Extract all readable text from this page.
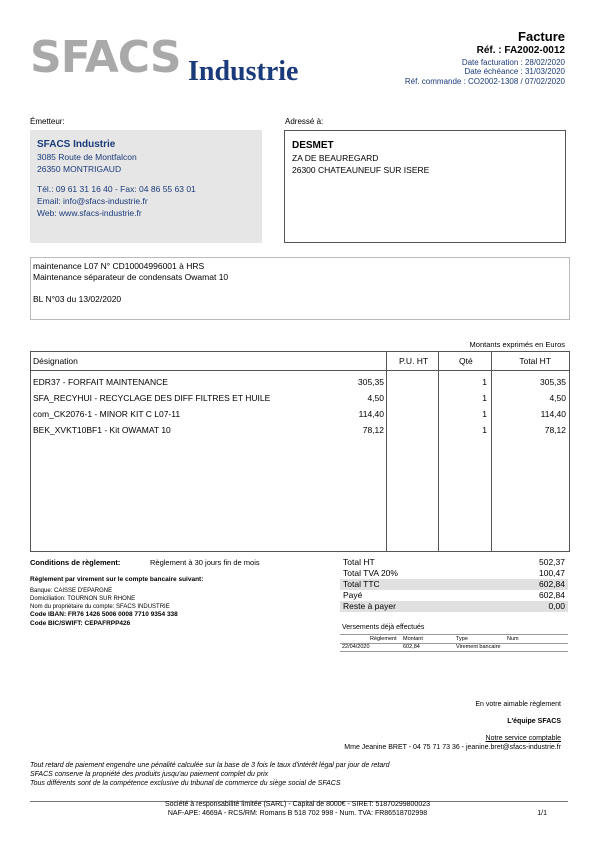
SFACS Industrie
Facture
Réf. : FA2002-0012
Date facturation : 28/02/2020
Date échéance : 31/03/2020
Réf. commande : CO2002-1308 / 07/02/2020
Émetteur:
SFACS Industrie
3085 Route de Montfalcon
26350 MONTRIGAUD
Tél.: 09 61 31 16 40 - Fax: 04 86 55 63 01
Email: info@sfacs-industrie.fr
Web: www.sfacs-industrie.fr
Adressé à:
DESMET
ZA DE BEAUREGARD
26300 CHATEAUNEUF SUR ISERE
maintenance L07 N° CD10004996001 à HRS
Maintenance séparateur de condensats Owamat 10
BL N°03 du 13/02/2020
Montants exprimés en Euros
Désignation	P.U. HT	Qté	Total HT
EDR37 - FORFAIT MAINTENANCE	305,35	1	305,35
SFA_RECYHUI - RECYCLAGE DES DIFF FILTRES ET HUILE	4,50	1	4,50
com_CK2076-1 - MINOR KIT C L07-11	114,40	1	114,40
BEK_XVKT10BF1 - Kit OWAMAT 10	78,12	1	78,12
Conditions de règlement:	Règlement à 30 jours fin de mois
Règlement par virement sur le compte bancaire suivant:
Banque: CAISSE D'EPARGNE
Domiciliation: TOURNON SUR RHONE
Nom du propriétaire du compte: SFACS INDUSTRIE
Code IBAN: FR76 1426 5006 0008 7710 9354 338
Code BIC/SWIFT: CEPAFRPP426
Total HT	502,37
Total TVA 20%	100,47
Total TTC	602,84
Payé	602,84
Reste à payer	0,00
Versements déjà effectués
Règlement Montant	Type	Num
22/04/2020	602,84	Virement bancaire
En votre aimable règlement
L'équipe SFACS
Notre service comptable
Mme Jeanine BRET - 04 75 71 73 36 - jeanine.bret@sfacs-industrie.fr
Tout retard de paiement engendre une pénalité calculée sur la base de 3 fois le taux d'intérêt légal par jour de retard
SFACS conserve la propriété des produits jusqu'au paiement complet du prix
Tous différents sont de la compétence exclusive du tribunal de commerce du siège social de SFACS
Société à responsabilité limitée (SARL) - Capital de 8000€ - SIRET: 51870299800023
NAF-APE: 4669A - RCS/RM: Romans B 518 702 998 - Num. TVA: FR86518702998	1/1
